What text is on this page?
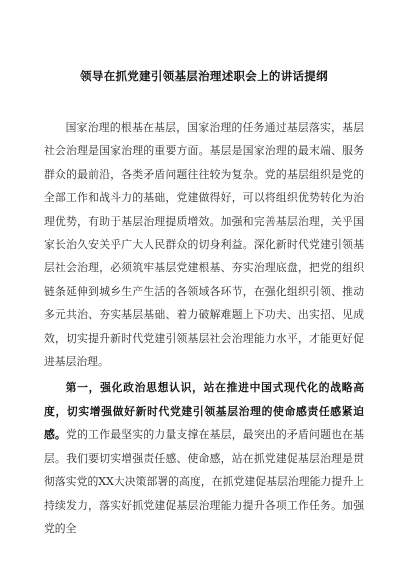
领导在抓党建引领基层治理述职会上的讲话提纲

国家治理的根基在基层，国家治理的任务通过基层落实，基层社会治理是国家治理的重要方面。基层是国家治理的最末端、服务群众的最前沿，各类矛盾问题往往较为复杂。党的基层组织是党的全部工作和战斗力的基础，党建做得好，可以将组织优势转化为治理优势，有助于基层治理提质增效。加强和完善基层治理，关乎国家长治久安关乎广大人民群众的切身利益。深化新时代党建引领基层社会治理，必须筑牢基层党建根基、夯实治理底盘，把党的组织链条延伸到城乡生产生活的各领域各环节，在强化组织引领、推动多元共治、夯实基层基础、着力破解难题上下功夫、出实招、见成效，切实提升新时代党建引领基层社会治理能力水平，才能更好促进基层治理。

第一，强化政治思想认识，站在推进中国式现代化的战略高度，切实增强做好新时代党建引领基层治理的使命感责任感紧迫感。党的工作最坚实的力量支撑在基层，最突出的矛盾问题也在基层。我们要切实增强责任感、使命感，站在抓党建促基层治理是贯彻落实党的XX大决策部署的高度，在抓党建促基层治理能力提升上持续发力，落实好抓党建促基层治理能力提升各项工作任务。加强党的全
